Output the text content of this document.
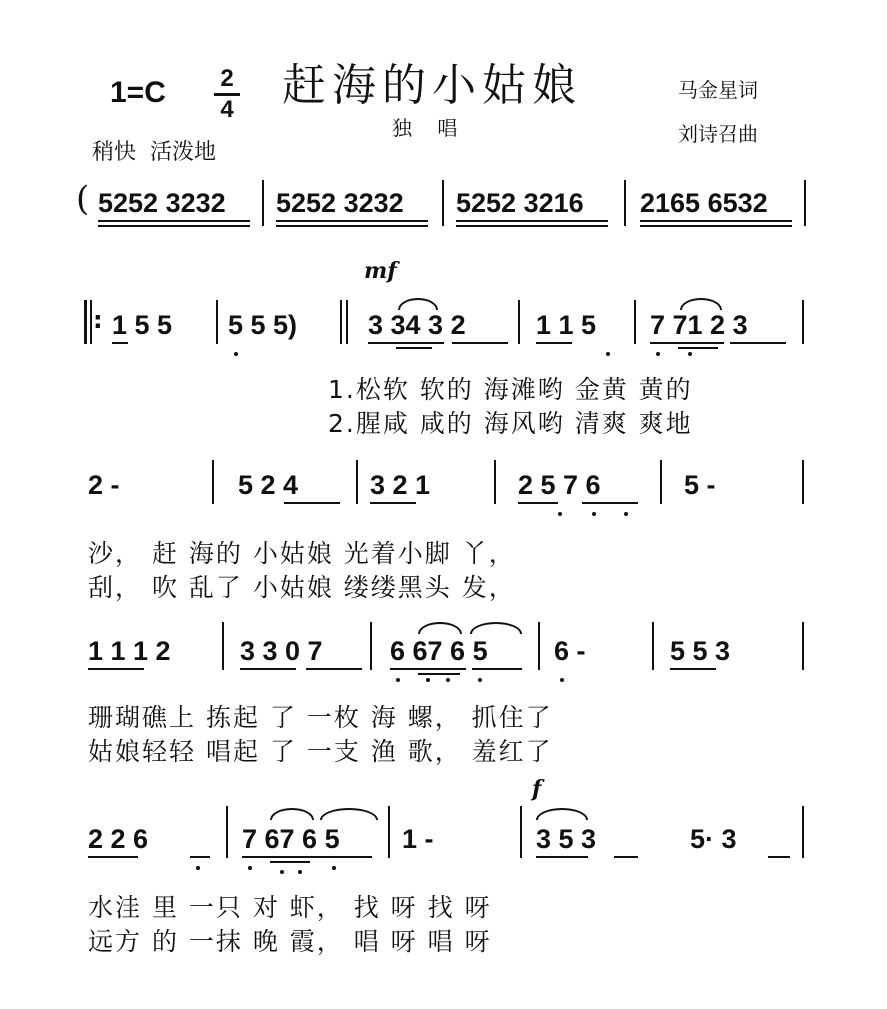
1=C	2
4 赶海的小姑娘	马金星词
刘诗召曲
独    唱
稍快  活泼地
( 5252 3232 5252 3232 5252 3216 2165 6532
mf
: 1 5 5 5 5 5)	3 34 3 2	1 1 5 7 71 2 3
1.松软 软的 海滩哟 金黄 黄的
2.腥咸 咸的 海风哟 清爽 爽地
2 -	5 2 4	3 2 1	2 5 7 6	5 -
沙， 赶 海的 小姑娘 光着小脚 丫，
刮， 吹 乱了 小姑娘 缕缕黑头 发，
1 1 1 2	3 3 0 7 6 67 6 5 6 -	5 5 3
珊瑚礁上 拣起 了 一枚 海 螺， 抓住了
姑娘轻轻 唱起 了 一支 渔 歌， 羞红了
f
2 2 6	7 67 6 5 1 -	3 5 3	5· 3
水洼 里 一只 对 虾， 找 呀 找 呀
远方 的 一抹 晚 霞， 唱 呀 唱 呀
